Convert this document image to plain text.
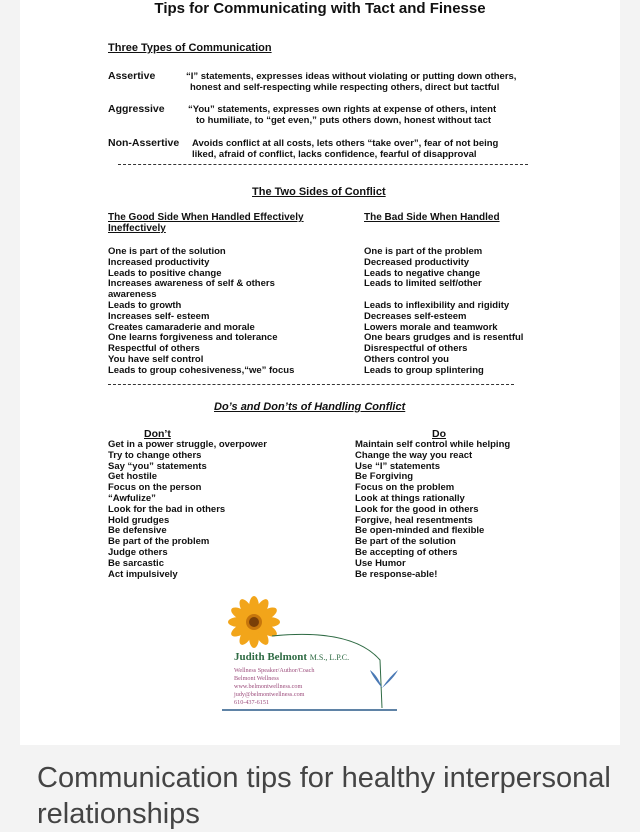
Tips for Communicating with Tact and Finesse
Three Types of Communication
Assertive	“I” statements, expresses ideas without violating or putting down others,
honest and self-respecting while respecting others, direct but tactful
Aggressive “You” statements, expresses own rights at expense of others, intent
to humiliate, to “get even,” puts others down, honest without tact
Non-Assertive Avoids conflict at all costs, lets others “take over”, fear of not being
liked, afraid of conflict, lacks confidence, fearful of disapproval
The Two Sides of Conflict
The Good Side When Handled Effectively
Ineffectively
The Bad Side When Handled
One is part of the solution
Increased productivity
Leads to positive change
Increases awareness of self & others
awareness
Leads to growth
Increases self- esteem
Creates camaraderie and morale
One learns forgiveness and tolerance
Respectful of others
You have self control
Leads to group cohesiveness,“we” focus
One is part of the problem
Decreased productivity
Leads to negative change
Leads to limited self/other
Leads to inflexibility and rigidity
Decreases self-esteem
Lowers morale and teamwork
One bears grudges and is resentful
Disrespectful of others
Others control you
Leads to group splintering
Do’s and Don’ts of Handling Conflict
Don’t	Do
Get in a power struggle, overpower
Try to change others
Say “you” statements
Get hostile
Focus on the person
“Awfulize”
Look for the bad in others
Hold grudges
Be defensive
Be part of the problem
Judge others
Be sarcastic
Act impulsively
Maintain self control while helping
Change the way you react
Use “I” statements
Be Forgiving
Focus on the problem
Look at things rationally
Look for the good in others
Forgive, heal resentments
Be open-minded and flexible
Be part of the solution
Be accepting of others
Use Humor
Be response-able!
Judith Belmont M.S., L.P.C.
Wellness Speaker/Author/Coach
Belmont Wellness
www.belmontwellness.com
judy@belmontwellness.com
610-437-6151
Communication tips for healthy interpersonal relationships
